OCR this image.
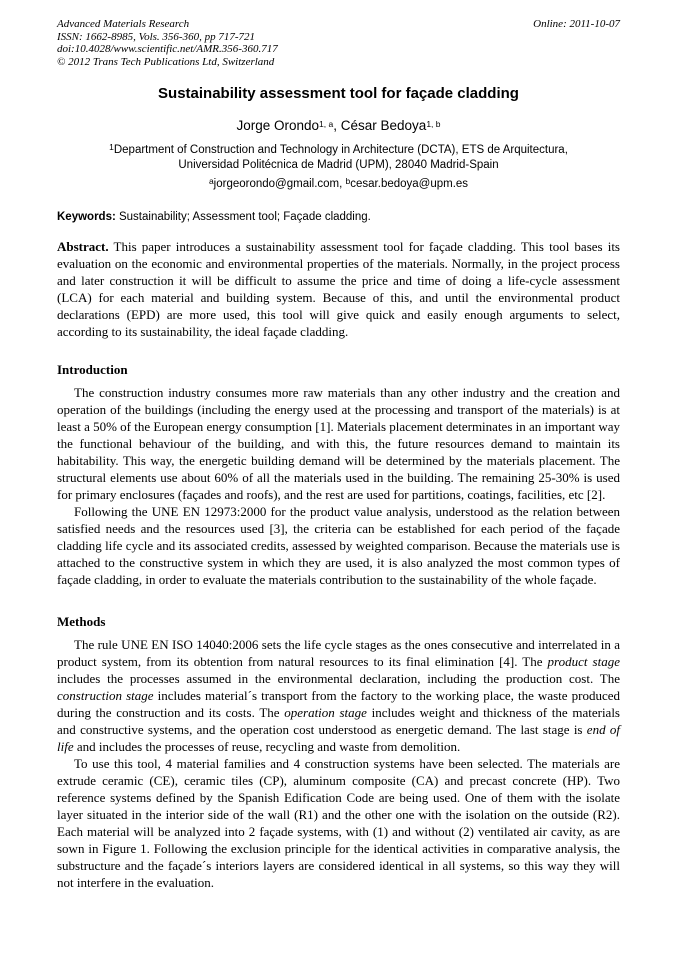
Advanced Materials Research
ISSN: 1662-8985, Vols. 356-360, pp 717-721
doi:10.4028/www.scientific.net/AMR.356-360.717
© 2012 Trans Tech Publications Ltd, Switzerland
Online: 2011-10-07
Sustainability assessment tool for façade cladding
Jorge Orondo$^{1, a}$, César Bedoya$^{1, b}$
$^1$Department of Construction and Technology in Architecture (DCTA), ETS de Arquitectura,
Universidad Politécnica de Madrid (UPM), 28040 Madrid-Spain
$^a$jorgeorondo@gmail.com, $^b$cesar.bedoya@upm.es
Keywords: Sustainability; Assessment tool; Façade cladding.
Abstract. This paper introduces a sustainability assessment tool for façade cladding. This tool bases its evaluation on the economic and environmental properties of the materials. Normally, in the project process and later construction it will be difficult to assume the price and time of doing a life-cycle assessment (LCA) for each material and building system. Because of this, and until the environmental product declarations (EPD) are more used, this tool will give quick and easily enough arguments to select, according to its sustainability, the ideal façade cladding.
Introduction

The construction industry consumes more raw materials than any other industry and the creation and operation of the buildings (including the energy used at the processing and transport of the materials) is at least a 50% of the European energy consumption [1]. Materials placement determinates in an important way the functional behaviour of the building, and with this, the future resources demand to maintain its habitability. This way, the energetic building demand will be determined by the materials placement. The structural elements use about 60% of all the materials used in the building. The remaining 25-30% is used for primary enclosures (façades and roofs), and the rest are used for partitions, coatings, facilities, etc [2].

Following the UNE EN 12973:2000 for the product value analysis, understood as the relation between satisfied needs and the resources used [3], the criteria can be established for each period of the façade cladding life cycle and its associated credits, assessed by weighted comparison. Because the materials use is attached to the constructive system in which they are used, it is also analyzed the most common types of façade cladding, in order to evaluate the materials contribution to the sustainability of the whole façade.

Methods

The rule UNE EN ISO 14040:2006 sets the life cycle stages as the ones consecutive and interrelated in a product system, from its obtention from natural resources to its final elimination [4]. The product stage includes the processes assumed in the environmental declaration, including the production cost. The construction stage includes material´s transport from the factory to the working place, the waste produced during the construction and its costs. The operation stage includes weight and thickness of the materials and constructive systems, and the operation cost understood as energetic demand. The last stage is end of life and includes the processes of reuse, recycling and waste from demolition.

To use this tool, 4 material families and 4 construction systems have been selected. The materials are extrude ceramic (CE), ceramic tiles (CP), aluminum composite (CA) and precast concrete (HP). Two reference systems defined by the Spanish Edification Code are being used. One of them with the isolate layer situated in the interior side of the wall (R1) and the other one with the isolation on the outside (R2). Each material will be analyzed into 2 façade systems, with (1) and without (2) ventilated air cavity, as are sown in Figure 1. Following the exclusion principle for the identical activities in comparative analysis, the substructure and the façade´s interiors layers are considered identical in all systems, so this way they will not interfere in the evaluation.
